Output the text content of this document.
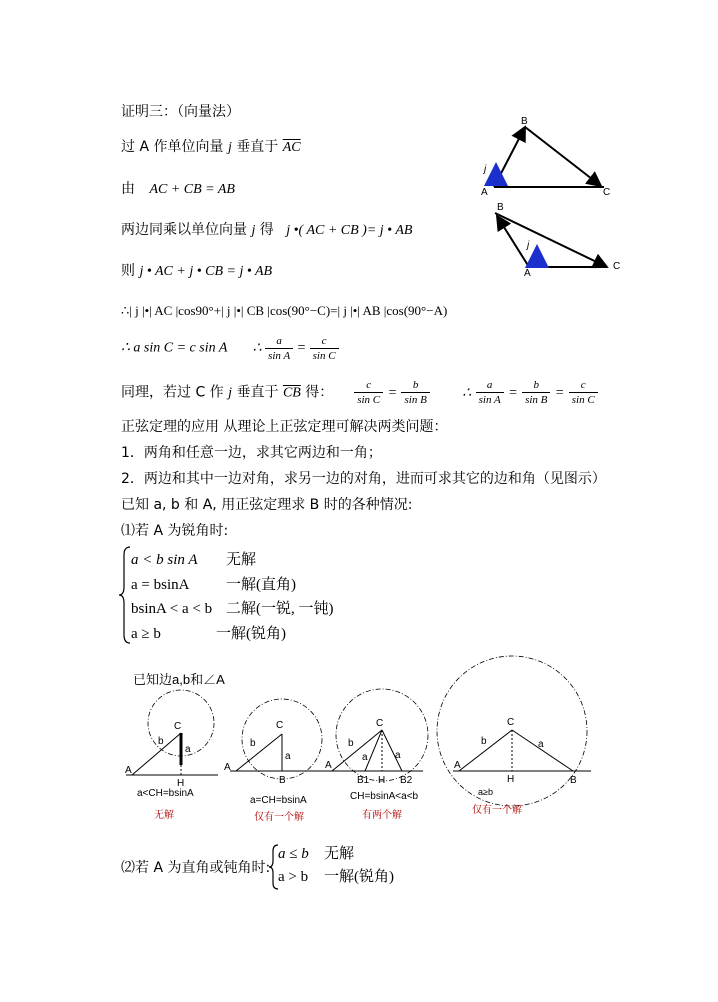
证明三：（向量法）
过 A 作单位向量 j 垂直于 $\overline{AC}$
由 AC + CB = AB
两边同乘以单位向量 j 得 j •( AC + CB )= j • AB
则 j • AC + j • CB = j • AB
∴| j |•| AC |cos90°+| j |•| CB |cos(90°−C)=| j |•| AB |cos(90°−A)
∴ a sin C = c sin A ∴ $\frac{a}{\text{sin A}} = \frac{c}{\text{sin C}}$
同理，若过 C 作 j 垂直于 $\overline{CB}$ 得： $\frac{c}{\text{sin C}} = \frac{b}{\text{sin B}}$ ∴ $\frac{a}{\text{sin A}} = \frac{b}{\text{sin B}} = \frac{c}{\text{sin C}}$
正弦定理的应用 从理论上正弦定理可解决两类问题：
1．两角和任意一边，求其它两边和一角；
2．两边和其中一边对角，求另一边的对角，进而可求其它的边和角（见图示）
已知 a, b 和 A, 用正弦定理求 B 时的各种情况:
⑴若 A 为锐角时:
a < b sin A 无解
a = bsinA 一解(直角)
bsinA < a < b 二解(一锐, 一钝)
a ≥ b	一解(锐角)
已知边a,b和∠A
B
A	C
j
B
A
C
j
C
b
a
A
H
C
b
a
A
B
C
b
a	a
A
B1 H B2
C
b	a
A
H	B
a<CH=bsinA
无解
a=CH=bsinA
仅有一个解
CH=bsinA<a<b
有两个解
a≥b
仅有一个解
⑵若 A 为直角或钝角时:
a ≤ b 无解
a > b 一解(锐角)
